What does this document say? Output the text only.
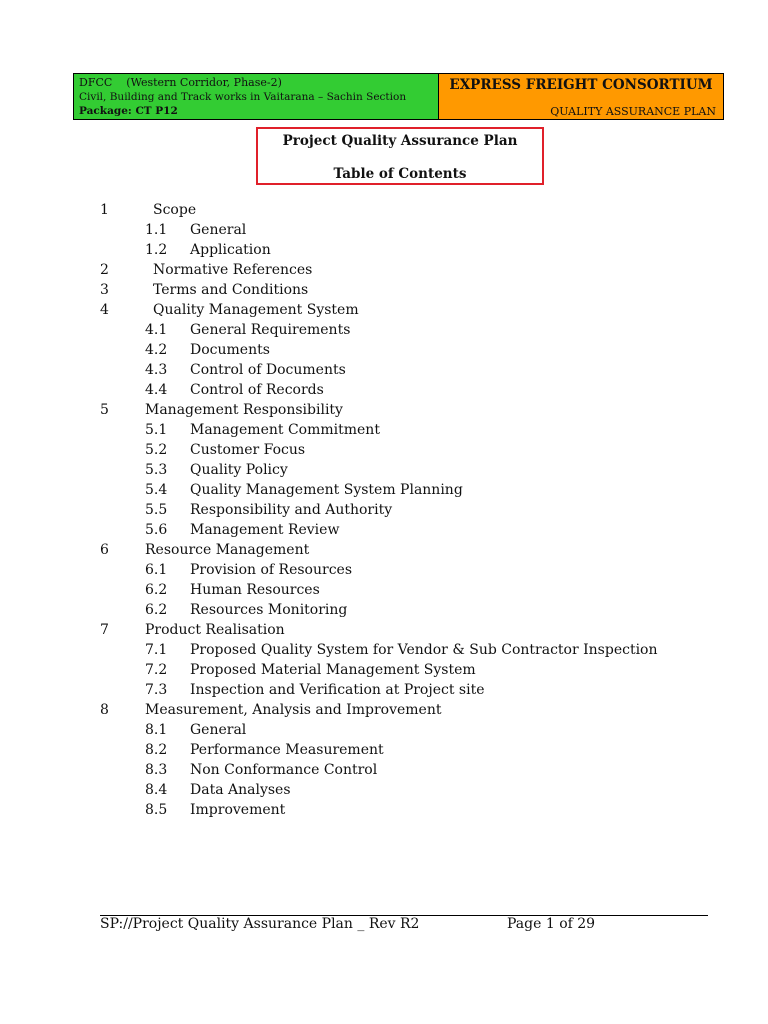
DFCC    (Western Corridor, Phase-2)
Civil, Building and Track works in Vaitarana – Sachin Section
Package: CT P12
EXPRESS FREIGHT CONSORTIUM
QUALITY ASSURANCE PLAN
Project Quality Assurance Plan
Table of Contents
1	Scope
1.1 General
1.2 Application
2	Normative References
3	Terms and Conditions
4	Quality Management System
4.1 General Requirements
4.2 Documents
4.3 Control of Documents
4.4 Control of Records
5	Management Responsibility
5.1 Management Commitment
5.2 Customer Focus
5.3 Quality Policy
5.4 Quality Management System Planning
5.5 Responsibility and Authority
5.6 Management Review
6	Resource Management
6.1 Provision of Resources
6.2 Human Resources
6.2 Resources Monitoring
7	Product Realisation
7.1 Proposed Quality System for Vendor & Sub Contractor Inspection
7.2 Proposed Material Management System
7.3 Inspection and Verification at Project site
8	Measurement, Analysis and Improvement
8.1 General
8.2 Performance Measurement
8.3 Non Conformance Control
8.4 Data Analyses
8.5 Improvement
SP://Project Quality Assurance Plan _ Rev R2	Page 1 of 29
